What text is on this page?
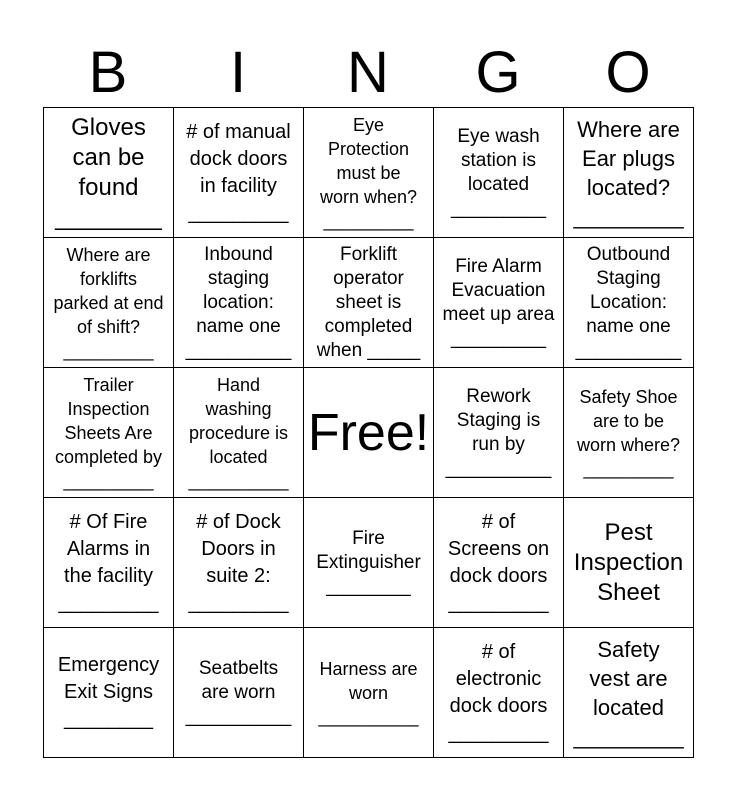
B	I	N	G	O
Gloves
can be
found
________	# of manual
dock doors
in facility
_________	Eye
Protection
must be
worn when?
_________	Eye wash
station is
located
_________	Where are
Ear plugs
located?
_________
Where are
forklifts
parked at end
of shift?
_________	Inbound
staging
location:
name one
__________	Forklift
operator
sheet is
completed
when _____	Fire Alarm
Evacuation
meet up area
_________	Outbound
Staging
Location:
name one
__________
Trailer
Inspection
Sheets Are
completed by
_________	Hand
washing
procedure is
located
__________	Free!	Rework
Staging is
run by
__________	Safety Shoe
are to be
worn where?
_________
# Of Fire
Alarms in
the facility
_________	# of Dock
Doors in
suite 2:
_________	Fire
Extinguisher
________	# of
Screens on
dock doors
_________	Pest
Inspection
Sheet
Emergency
Exit Signs
________	Seatbelts
are worn
__________	Harness are
worn
__________	# of
electronic
dock doors
_________	Safety
vest are
located
_________
